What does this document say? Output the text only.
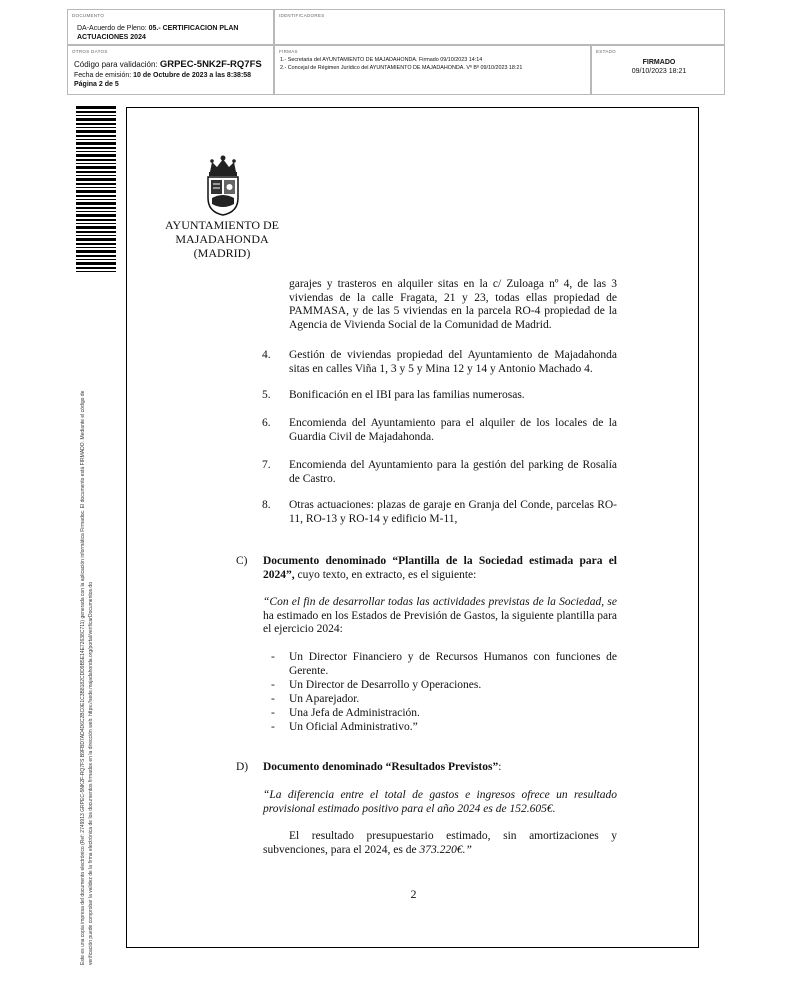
DOCUMENTO
DA-Acuerdo de Pleno: 05.- CERTIFICACION PLAN
ACTUACIONES 2024
IDENTIFICADORES
OTROS DATOS
Código para validación: GRPEC-5NK2F-RQ7FS
Fecha de emisión: 10 de Octubre de 2023 a las 8:38:58
Página 2 de 5
FIRMAS
1.- Secretaria del AYUNTAMIENTO DE MAJADAHONDA. Firmado 09/10/2023 14:14
2.- Concejal de Régimen Jurídico del AYUNTAMIENTO DE MAJADAHONDA. Vº Bº 09/10/2023 18:21
ESTADO
FIRMADO
09/10/2023 18:21
Este es una copia impresa del documento electrónico (Ref: 2749913 GRPEC-5NK2F-RQ7FS B9FBD7AD4D6C2BC0E1C3B8182CDD9B5E14E72638C711) generada con la aplicación informática Firmadoc. El documento está FIRMADO. Mediante el código de verificación puede comprobar la validez de la firma electrónica de los documentos firmados en la dirección web: https://sede.majadahonda.org/portal/verificarDocumentos.do
AYUNTAMIENTO DE
MAJADAHONDA
(MADRID)
garajes y trasteros en alquiler sitas en la c/ Zuloaga nº 4, de las 3 viviendas de la calle Fragata, 21 y 23, todas ellas propiedad de PAMMASA, y de las 5 viviendas en la parcela RO-4 propiedad de la Agencia de Vivienda Social de la Comunidad de Madrid.
4. Gestión de viviendas propiedad del Ayuntamiento de Majadahonda sitas en calles Viña 1, 3 y 5 y Mina 12 y 14 y Antonio Machado 4.
5. Bonificación en el IBI para las familias numerosas.
6. Encomienda del Ayuntamiento para el alquiler de los locales de la Guardia Civil de Majadahonda.
7. Encomienda del Ayuntamiento para la gestión del parking de Rosalía de Castro.
8. Otras actuaciones: plazas de garaje en Granja del Conde, parcelas RO-11, RO-13 y RO-14 y edificio M-11,
C) Documento denominado “Plantilla de la Sociedad estimada para el 2024”, cuyo texto, en extracto, es el siguiente:
“Con el fin de desarrollar todas las actividades previstas de la Sociedad, se ha estimado en los Estados de Previsión de Gastos, la siguiente plantilla para el ejercicio 2024:
- Un Director Financiero y de Recursos Humanos con funciones de Gerente.
- Un Director de Desarrollo y Operaciones.
- Un Aparejador.
- Una Jefa de Administración.
- Un Oficial Administrativo.”
D) Documento denominado “Resultados Previstos”:
“La diferencia entre el total de gastos e ingresos ofrece un resultado provisional estimado positivo para el año 2024 es de 152.605€.
El resultado presupuestario estimado, sin amortizaciones y subvenciones, para el 2024, es de 373.220€.”
2
